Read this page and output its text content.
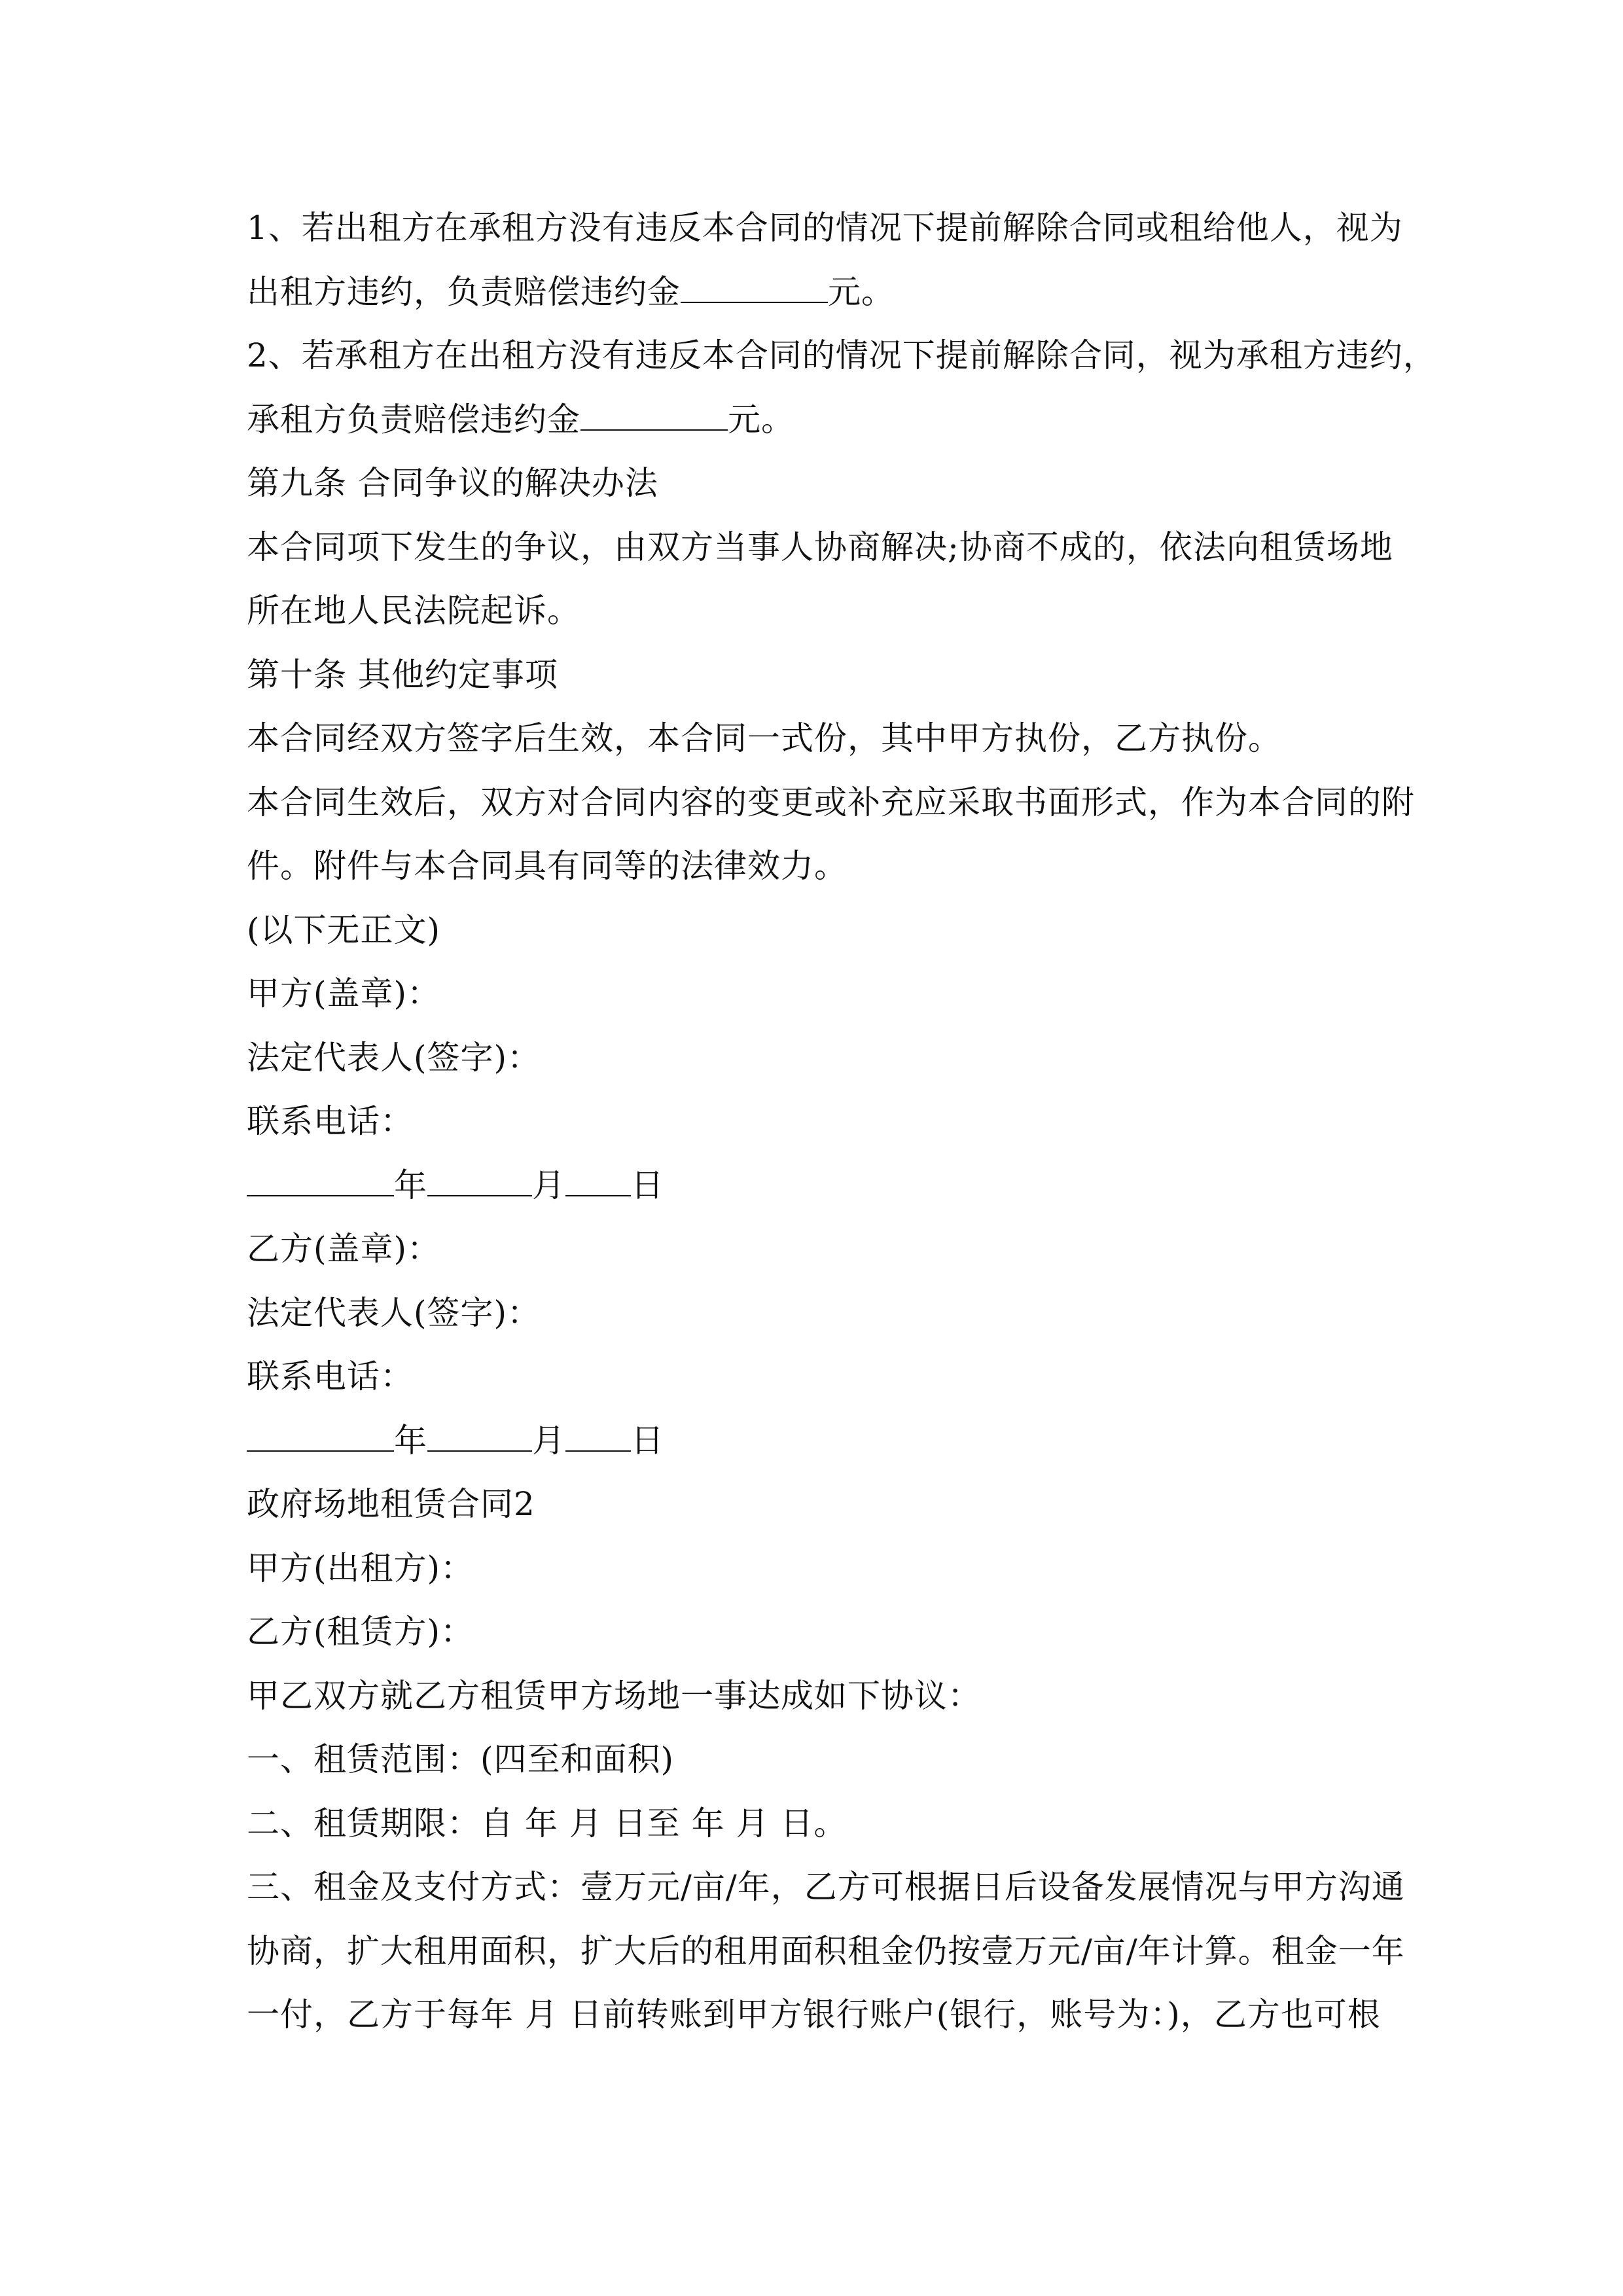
1、若出租方在承租方没有违反本合同的情况下提前解除合同或租给他人，视为
出租方违约，负责赔偿违约金	元。
2、若承租方在出租方没有违反本合同的情况下提前解除合同，视为承租方违约，
承租方负责赔偿违约金	元。
第九条 合同争议的解决办法
本合同项下发生的争议，由双方当事人协商解决;协商不成的，依法向租赁场地
所在地人民法院起诉。
第十条 其他约定事项
本合同经双方签字后生效，本合同一式份，其中甲方执份，乙方执份。
本合同生效后，双方对合同内容的变更或补充应采取书面形式，作为本合同的附
件。附件与本合同具有同等的法律效力。
(以下无正文)
甲方(盖章)：
法定代表人(签字)：
联系电话：
年	月 日
乙方(盖章)：
法定代表人(签字)：
联系电话：
年	月 日
政府场地租赁合同2
甲方(出租方)：
乙方(租赁方)：
甲乙双方就乙方租赁甲方场地一事达成如下协议：
一、租赁范围：(四至和面积)
二、租赁期限：自 年 月 日至 年 月 日。
三、租金及支付方式：壹万元/亩/年，乙方可根据日后设备发展情况与甲方沟通
协商，扩大租用面积，扩大后的租用面积租金仍按壹万元/亩/年计算。租金一年
一付，乙方于每年 月 日前转账到甲方银行账户(银行，账号为：)，乙方也可根
